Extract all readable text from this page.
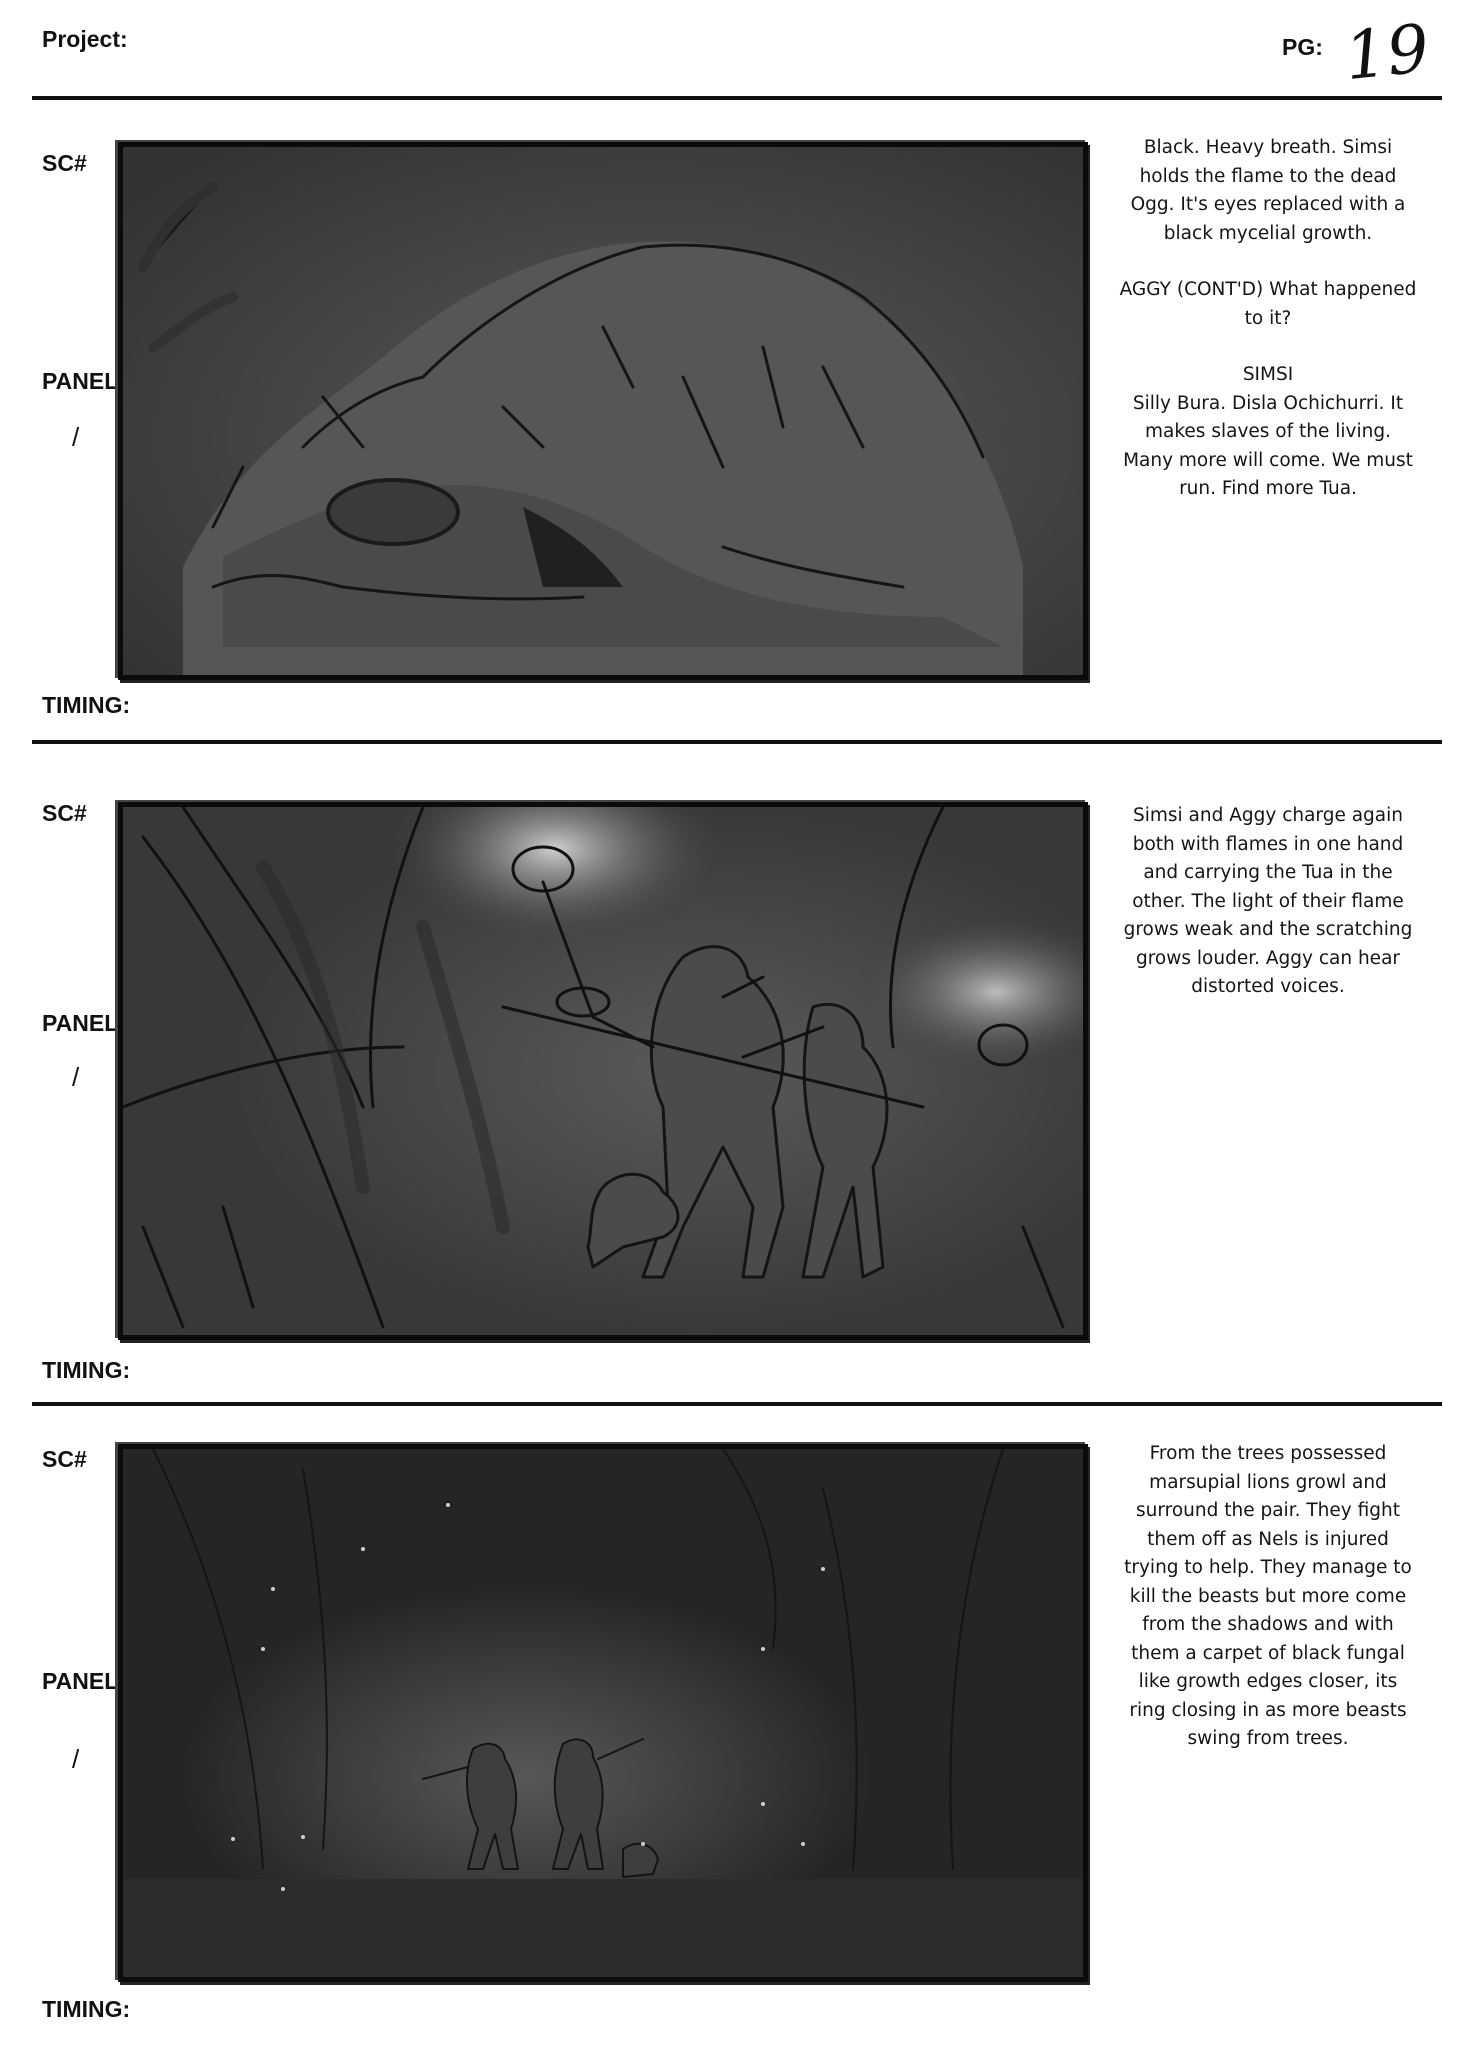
Project:	PG: 19
SC#
PANEL
/

Black. Heavy breath. Simsi holds the flame to the dead Ogg. It's eyes replaced with a black mycelial growth.

AGGY (CONT'D) What happened to it?

SIMSI
Silly Bura. Disla Ochichurri. It makes slaves of the living. Many more will come. We must run. Find more Tua.

TIMING:
SC#
PANEL
/

Simsi and Aggy charge again both with flames in one hand and carrying the Tua in the other. The light of their flame grows weak and the scratching grows louder. Aggy can hear distorted voices.

TIMING:
SC#
PANEL
/

From the trees possessed marsupial lions growl and surround the pair. They fight them off as Nels is injured trying to help. They manage to kill the beasts but more come from the shadows and with them a carpet of black fungal like growth edges closer, its ring closing in as more beasts swing from trees.

TIMING:
